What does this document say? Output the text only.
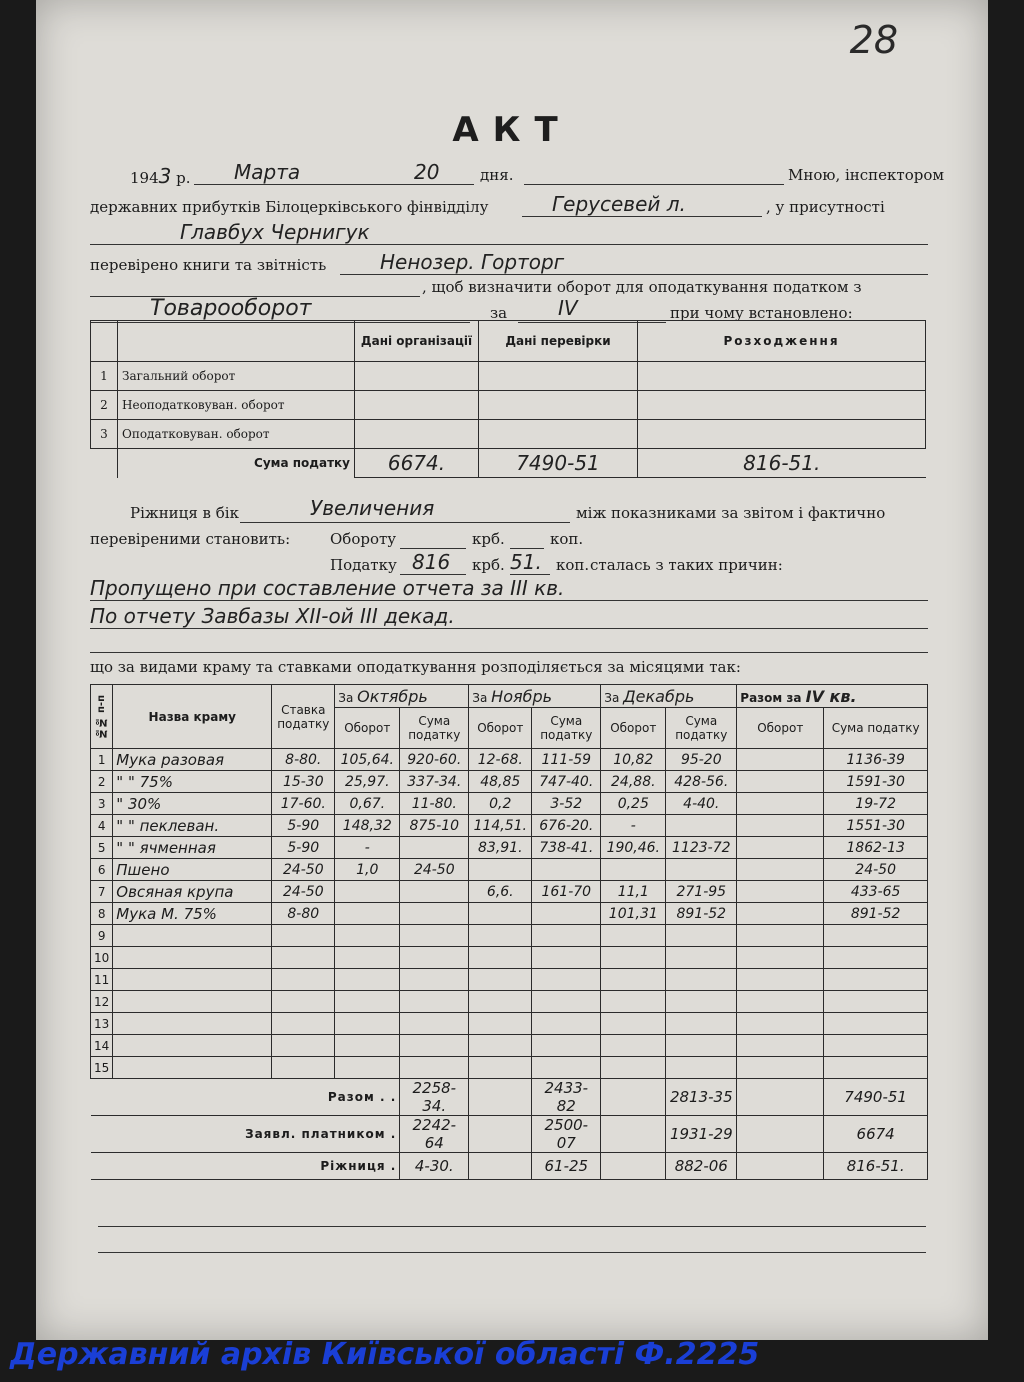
28
АКТ
1943 р.	Марта	20	дня.	Мною, інспектором
державних прибутків Білоцерківського фінвідділу	Герусевей л.	, у присутності
Главбух Чернигук
перевірено книги та звітність	Ненозер. Горторг
, щоб визначити оборот для оподаткування податком з
Товарооборот	за	IV	при чому встановлено:
		Дані організації	Дані перевірки	Розходження
1	Загальний оборот			
2	Неоподатковуван. оборот			
3	Оподатковуван. оборот			
	Сума податку	6674.	7490-51	816-51.
Ріжниця в бік	Увеличения	між показниками за звітом і фактично
перевіреними становить:	Обороту	крб.	коп.
Податку 816	крб. 51. коп. сталась з таких причин:
Пропущено при составление отчета за III кв.
По отчету Завбазы XII-ой III декад.
що за видами краму та ставками оподаткування розподіляється за місяцями так:
№№ п-п	Назва краму	Ставка податку	За Октябрь		За Ноябрь		За Декабрь		Разом за IV кв.	
			Оборот	Сума податку	Оборот	Сума податку	Оборот	Сума податку	Оборот	Сума податку
1	Мука разовая	8-80.	105,64.	920-60.	12-68.	111-59	10,82	95-20		1136-39
2	" " 75%	15-30	25,97.	337-34.	48,85	747-40.	24,88.	428-56.		1591-30
3	" 30%	17-60.	0,67.	11-80.	0,2	3-52	0,25	4-40.		19-72
4	" " пеклеван.	5-90	148,32	875-10	114,51.	676-20.	-			1551-30
5	" " ячменная	5-90	-		83,91.	738-41.	190,46.	1123-72		1862-13
6	Пшено	24-50	1,0	24-50						24-50
7	Овсяная крупа	24-50			6,6.	161-70	11,1	271-95		433-65
8	Мука М. 75%	8-80					101,31	891-52		891-52
9										
10										
11										
12										
13										
14										
15										
Разом . .				2258-34.		2433-82		2813-35		7490-51
Заявл. платником .				2242-64		2500-07		1931-29		6674
Ріжниця .				4-30.		61-25		882-06		816-51.
Державний архів Київської області Ф.2225
